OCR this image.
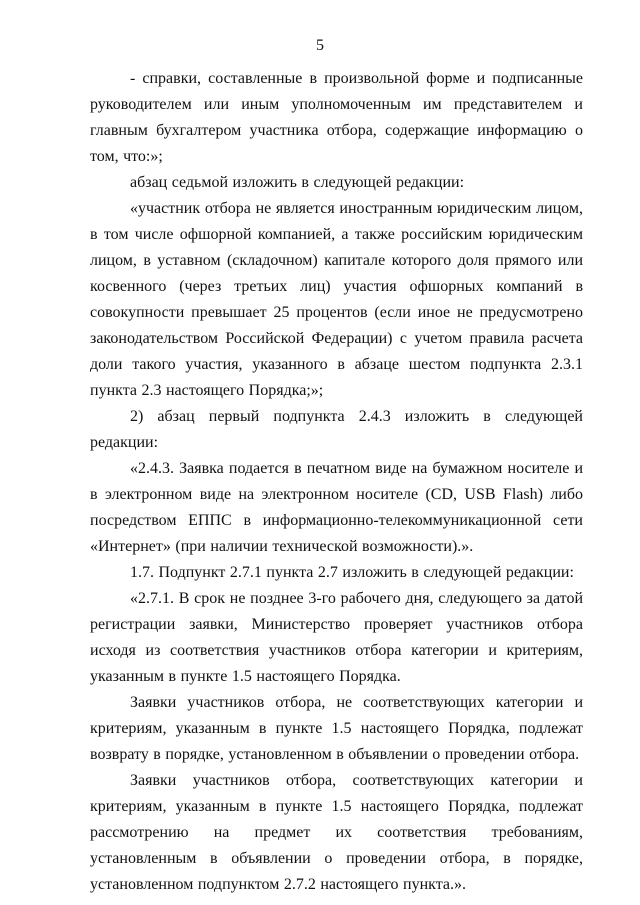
5

- справки, составленные в произвольной форме и подписанные руководителем или иным уполномоченным им представителем и главным бухгалтером участника отбора, содержащие информацию о том, что:»;

абзац седьмой изложить в следующей редакции:

«участник отбора не является иностранным юридическим лицом, в том числе офшорной компанией, а также российским юридическим лицом, в уставном (складочном) капитале которого доля прямого или косвенного (через третьих лиц) участия офшорных компаний в совокупности превышает 25 процентов (если иное не предусмотрено законодательством Российской Федерации) с учетом правила расчета доли такого участия, указанного в абзаце шестом подпункта 2.3.1 пункта 2.3 настоящего Порядка;»;

2) абзац первый подпункта 2.4.3 изложить в следующей редакции:

«2.4.3. Заявка подается в печатном виде на бумажном носителе и в электронном виде на электронном носителе (CD, USB Flash) либо посредством ЕППС в информационно-телекоммуникационной сети «Интернет» (при наличии технической возможности).».

1.7. Подпункт 2.7.1 пункта 2.7 изложить в следующей редакции:

«2.7.1. В срок не позднее 3-го рабочего дня, следующего за датой регистрации заявки, Министерство проверяет участников отбора исходя из соответствия участников отбора категории и критериям, указанным в пункте 1.5 настоящего Порядка.

Заявки участников отбора, не соответствующих категории и критериям, указанным в пункте 1.5 настоящего Порядка, подлежат возврату в порядке, установленном в объявлении о проведении отбора.

Заявки участников отбора, соответствующих категории и критериям, указанным в пункте 1.5 настоящего Порядка, подлежат рассмотрению на предмет их соответствия требованиям, установленным в объявлении о проведении отбора, в порядке, установленном подпунктом 2.7.2 настоящего пункта.».
